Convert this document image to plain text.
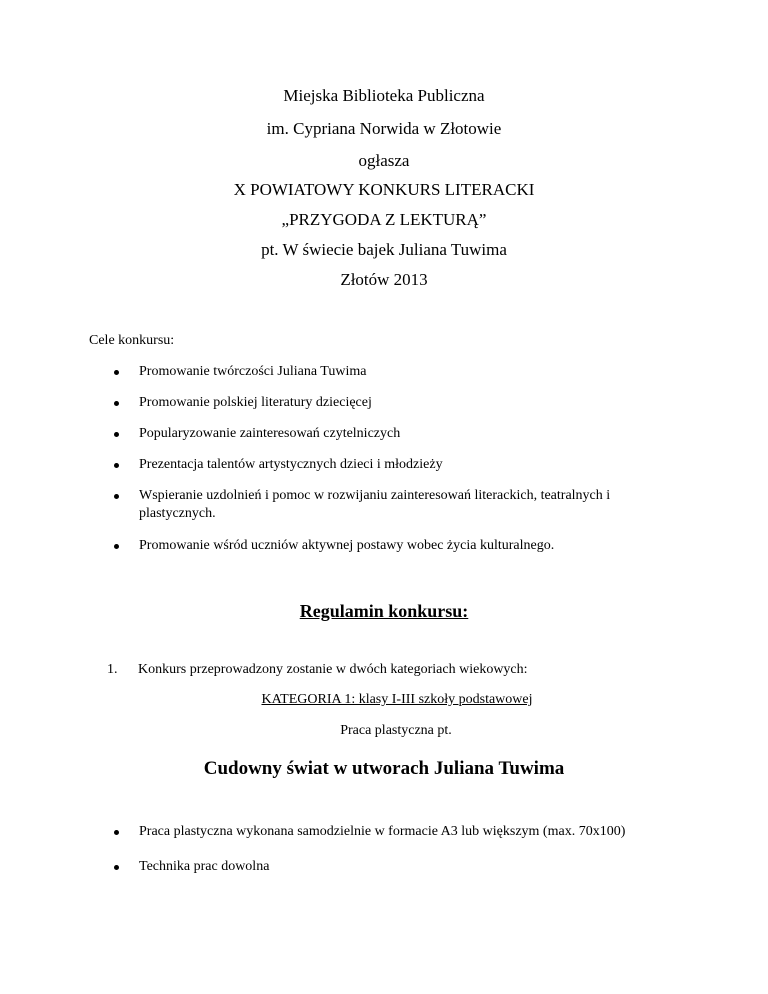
Miejska Biblioteka Publiczna
im. Cypriana Norwida w Złotowie
ogłasza
X POWIATOWY KONKURS LITERACKI
„PRZYGODA Z LEKTURĄ”
pt. W świecie bajek Juliana Tuwima
Złotów 2013
Cele konkursu:
Promowanie twórczości Juliana Tuwima
Promowanie polskiej literatury dziecięcej
Popularyzowanie zainteresowań czytelniczych
Prezentacja talentów artystycznych dzieci i młodzieży
Wspieranie uzdolnień i pomoc w rozwijaniu zainteresowań literackich, teatralnych i plastycznych.
Promowanie wśród uczniów aktywnej postawy wobec życia kulturalnego.
Regulamin konkursu:
1. Konkurs przeprowadzony zostanie w dwóch kategoriach wiekowych:
KATEGORIA 1: klasy I-III szkoły podstawowej
Praca plastyczna pt.
Cudowny świat w utworach Juliana Tuwima
Praca plastyczna wykonana samodzielnie w formacie A3 lub większym (max. 70x100)
Technika prac dowolna
